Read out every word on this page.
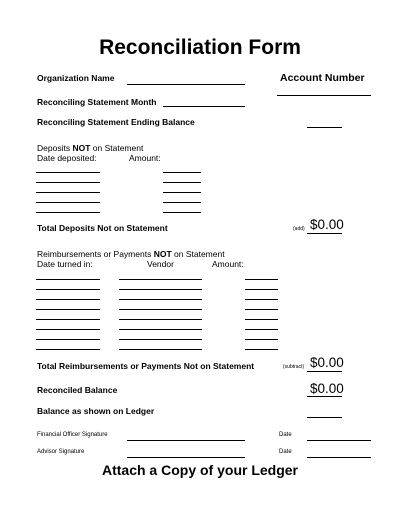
Reconciliation Form
Organization Name	Account Number
Reconciling Statement Month
Reconciling Statement Ending Balance
Deposits NOT on Statement
Date deposited:	Amount:
Total Deposits Not on Statement	(add) $0.00
Reimbursements or Payments NOT on Statement
Date turned in:	Vendor	Amount:
Total Reimbursements or Payments Not on Statement	(subtract) $0.00
Reconciled Balance	$0.00
Balance as shown on Ledger
Financial Officer Signature	Date
Advisor Signature	Date
Attach a Copy of your Ledger
